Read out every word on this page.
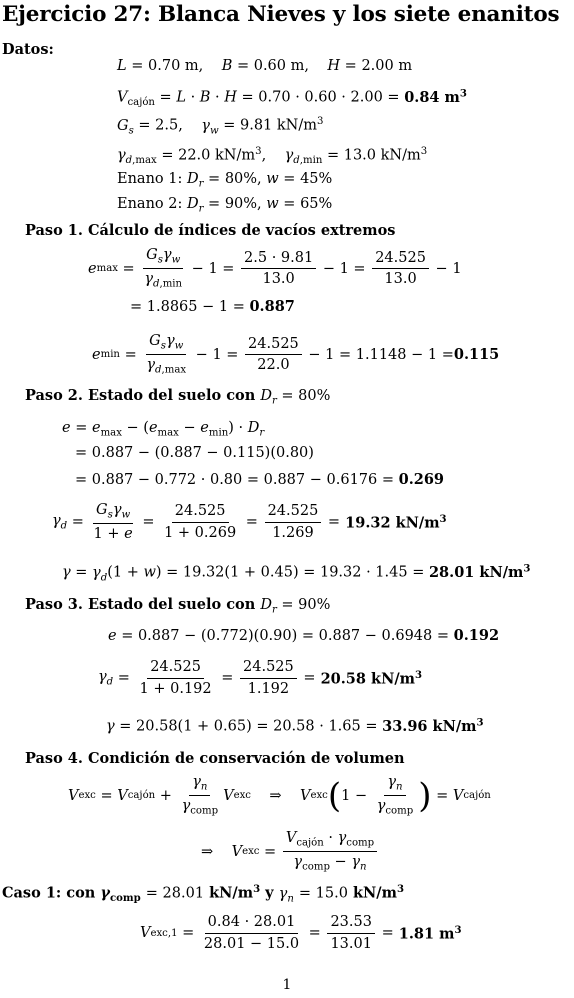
Ejercicio 27: Blanca Nieves y los siete enanitos
Datos:
L = 0.70 m,    B = 0.60 m,    H = 2.00 m
$V_{cajón} = L \cdot B \cdot H = 0.70 \cdot 0.60 \cdot 2.00 = 0.84$ $m^3$
$G_s = 2.5$,    $\gamma_w = 9.81$ $kN/m^3$
$\gamma_{d,max} = 22.0$ $kN/m^3$,    $\gamma_{d,min} = 13.0$ $kN/m^3$
Enano 1: $D_r = 80\%$, w = 45%
Enano 2: $D_r = 90\%$, w = 65%
Paso 1. Cálculo de índices de vacíos extremos
e $\max = \frac{G_s\gamma_w}{\gamma_{d,min}} - 1 = \frac{2.5 \cdot 9.81}{13.0} - 1 = \frac{24.525}{13.0} - 1$
= 1.8865 − 1 = 0.887
e $\min = \frac{G_s\gamma_w}{\gamma_{d,max}} - 1 = \frac{24.525}{22.0} - 1 = 1.1148 - 1 = 0.115$
Paso 2. Estado del suelo con $D_r = 80\%$
$e = e_{max} - (e_{max} - e_{min}) \cdot D_r$
= 0.887 − (0.887 − 0.115)(0.80)
= 0.887 − 0.772 · 0.80 = 0.887 − 0.6176 = 0.269
$\gamma_d = \frac{G_s\gamma_w}{1 + e} = \frac{24.525}{1 + 0.269} = \frac{24.525}{1.269} = 19.32$ $kN/m^3$
$\gamma = \gamma_d(1 + w) = 19.32(1 + 0.45) = 19.32 \cdot 1.45 = 28.01$ $kN/m^3$
Paso 3. Estado del suelo con $D_r = 90\%$
e = 0.887 − (0.772)(0.90) = 0.887 − 0.6948 = 0.192
$\gamma_d = \frac{24.525}{1 + 0.192} = \frac{24.525}{1.192} = 20.58$ $kN/m^3$
γ = 20.58(1 + 0.65) = 20.58 · 1.65 = 33.96 $kN/m^3$
Paso 4. Condición de conservación de volumen
V exc = V cajón + $\frac{\gamma_n}{\gamma_{comp}}$ V exc ⇒ V exc ( $1 - \frac{\gamma_n}{\gamma_{comp}}$ ) = V cajón
⇒ V exc = $\frac{V_{cajón} \cdot \gamma_{comp}}{\gamma_{comp} - \gamma_n}$
Caso 1: con $\gamma_{comp} = 28.01$ $kN/m^3$ y $\gamma_n = 15.0$ $kN/m^3$
V $exc,1 = \frac{0.84 \cdot 28.01}{28.01 - 15.0} = \frac{23.53}{13.01} = 1.81$ $m^3$
1
